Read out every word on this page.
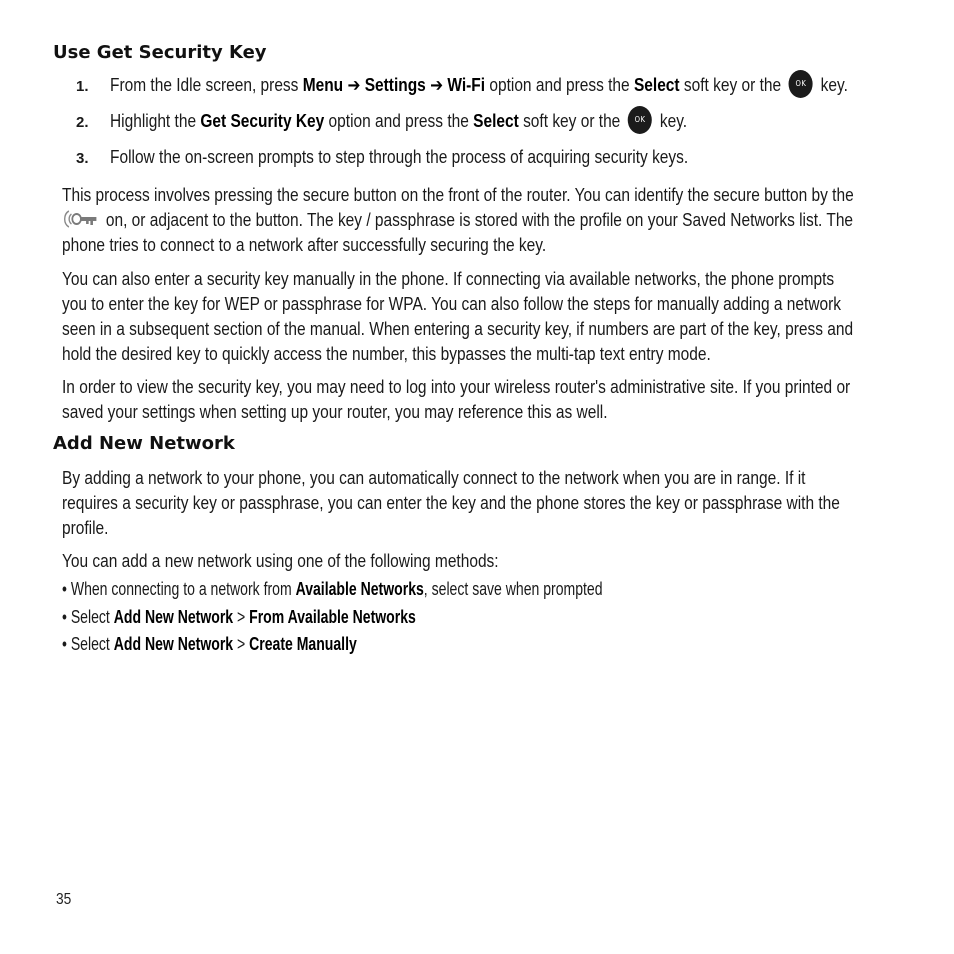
Use Get Security Key
1. From the Idle screen, press Menu ➔ Settings ➔ Wi-Fi option and press the Select soft key or the OK key.
2. Highlight the Get Security Key option and press the Select soft key or the OK key.
3. Follow the on-screen prompts to step through the process of acquiring security keys.
This process involves pressing the secure button on the front of the router. You can identify the secure button by the
on, or adjacent to the button. The key / passphrase is stored with the profile on your Saved Networks list. The
phone tries to connect to a network after successfully securing the key.
You can also enter a security key manually in the phone. If connecting via available networks, the phone prompts
you to enter the key for WEP or passphrase for WPA. You can also follow the steps for manually adding a network
seen in a subsequent section of the manual. When entering a security key, if numbers are part of the key, press and
hold the desired key to quickly access the number, this bypasses the multi-tap text entry mode.
In order to view the security key, you may need to log into your wireless router's administrative site. If you printed or
saved your settings when setting up your router, you may reference this as well.
Add New Network
By adding a network to your phone, you can automatically connect to the network when you are in range. If it
requires a security key or passphrase, you can enter the key and the phone stores the key or passphrase with the
profile.
You can add a new network using one of the following methods:
• When connecting to a network from Available Networks, select save when prompted
• Select Add New Network > From Available Networks
• Select Add New Network > Create Manually
35
